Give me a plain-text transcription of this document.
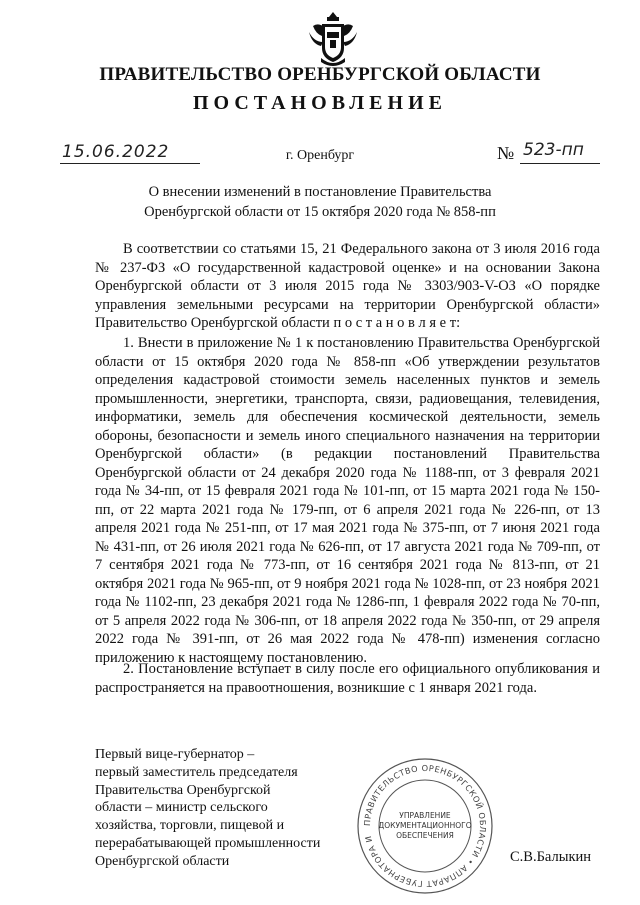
ПРАВИТЕЛЬСТВО ОРЕНБУРГСКОЙ ОБЛАСТИ
ПОСТАНОВЛЕНИЕ
15.06.2022	г. Оренбург	№ 523-пп
О внесении изменений в постановление Правительства
Оренбургской области от 15 октября 2020 года № 858-пп
В соответствии со статьями 15, 21 Федерального закона от 3 июля 2016 года № 237-ФЗ «О государственной кадастровой оценке» и на основании Закона Оренбургской области от 3 июля 2015 года № 3303/903-V-ОЗ «О порядке управления земельными ресурсами на территории Оренбургской области» Правительство Оренбургской области п о с т а н о в л я е т:
1. Внести в приложение № 1 к постановлению Правительства Оренбургской области от 15 октября 2020 года № 858-пп «Об утверждении результатов определения кадастровой стоимости земель населенных пунктов и земель промышленности, энергетики, транспорта, связи, радиовещания, телевидения, информатики, земель для обеспечения космической деятельности, земель обороны, безопасности и земель иного специального назначения на территории Оренбургской области» (в редакции постановлений Правительства Оренбургской области от 24 декабря 2020 года № 1188-пп, от 3 февраля 2021 года № 34-пп, от 15 февраля 2021 года № 101-пп, от 15 марта 2021 года № 150-пп, от 22 марта 2021 года № 179-пп, от 6 апреля 2021 года № 226-пп, от 13 апреля 2021 года № 251-пп, от 17 мая 2021 года № 375-пп, от 7 июня 2021 года № 431-пп, от 26 июля 2021 года № 626-пп, от 17 августа 2021 года № 709-пп, от 7 сентября 2021 года № 773-пп, от 16 сентября 2021 года № 813-пп, от 21 октября 2021 года № 965-пп, от 9 ноября 2021 года № 1028-пп, от 23 ноября 2021 года № 1102-пп, 23 декабря 2021 года № 1286-пп, 1 февраля 2022 года № 70-пп, от 5 апреля 2022 года № 306-пп, от 18 апреля 2022 года № 350-пп, от 29 апреля 2022 года № 391-пп, от 26 мая 2022 года № 478-пп) изменения согласно приложению к настоящему постановлению.
2. Постановление вступает в силу после его официального опубликования и распространяется на правоотношения, возникшие с 1 января 2021 года.
Первый вице-губернатор –
первый заместитель председателя
Правительства Оренбургской
области – министр сельского
хозяйства, торговли, пищевой и
перерабатывающей промышленности
Оренбургской области
ПРАВИТЕЛЬСТВО ОРЕНБУРГСКОЙ ОБЛАСТИ • АППАРАТ ГУБЕРНАТОРА И
УПРАВЛЕНИЕ
ДОКУМЕНТАЦИОННОГО
ОБЕСПЕЧЕНИЯ
С.В.Балыкин
